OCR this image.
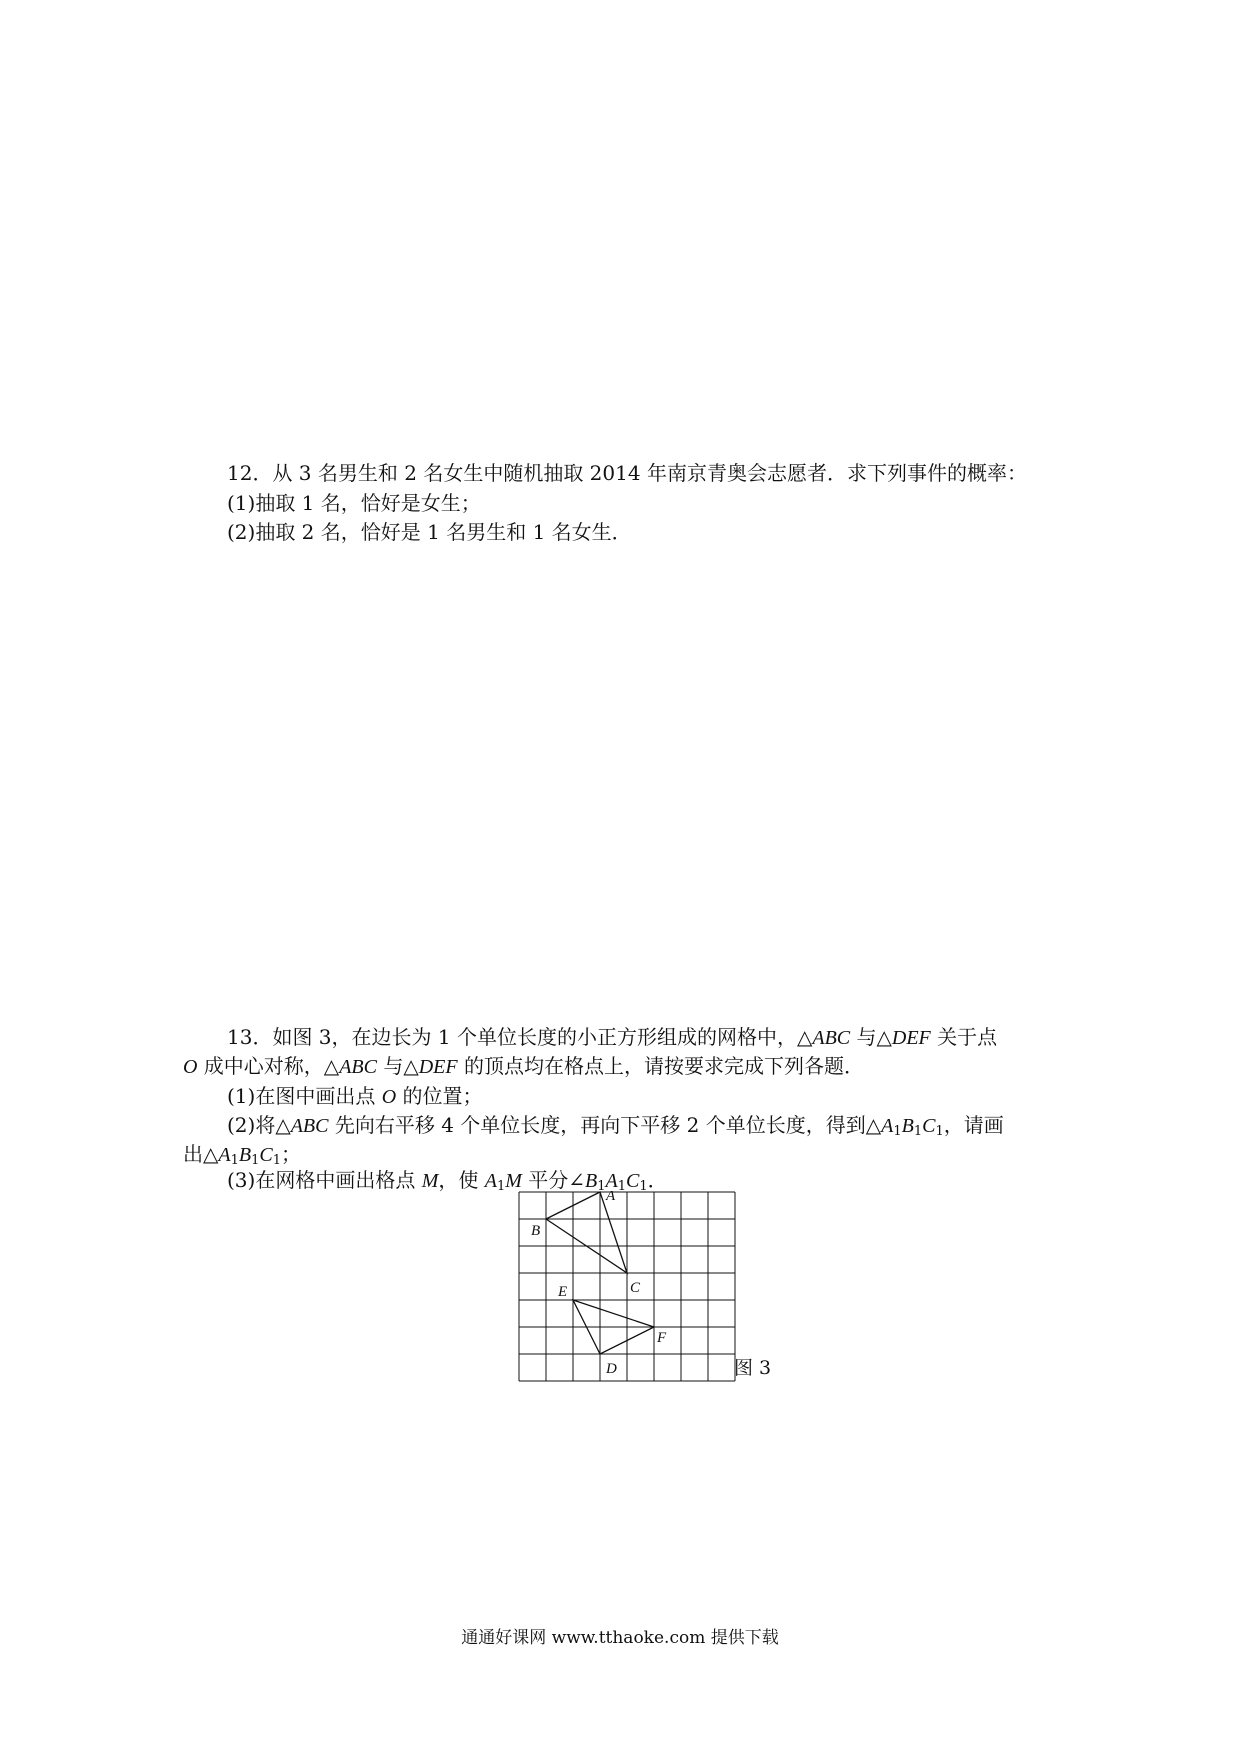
12．从 3 名男生和 2 名女生中随机抽取 2014 年南京青奥会志愿者．求下列事件的概率：
(1)抽取 1 名，恰好是女生；
(2)抽取 2 名，恰好是 1 名男生和 1 名女生．
13．如图 3，在边长为 1 个单位长度的小正方形组成的网格中，△ABC 与△DEF 关于点
O 成中心对称，△ABC 与△DEF 的顶点均在格点上，请按要求完成下列各题．
(1)在图中画出点 O 的位置；
(2)将△ABC 先向右平移 4 个单位长度，再向下平移 2 个单位长度，得到$\triangle A_1B_1C_1$，请画
出$\triangle A_1B_1C_1$；
(3)在网格中画出格点 M，使 $A_1M$ 平分$\angle B_1A_1C_1$．
A
B
C
D
E
F
图 3
通通好课网 www.tthaoke.com 提供下载
